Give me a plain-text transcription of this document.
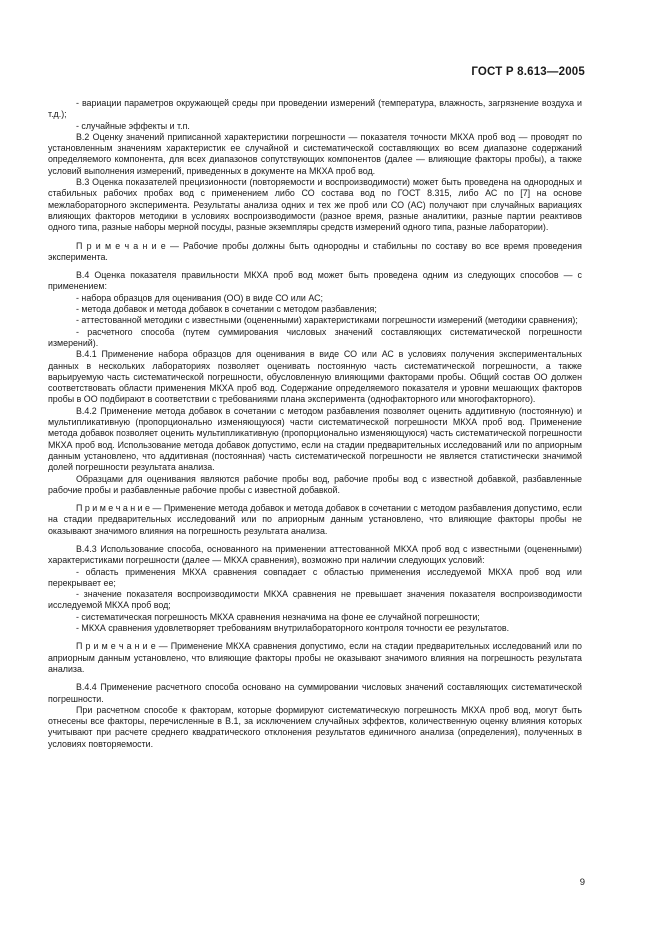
ГОСТ Р 8.613—2005

- вариации параметров окружающей среды при проведении измерений (температура, влажность, загрязнение воздуха и т.д.);

- случайные эффекты и т.п.

В.2 Оценку значений приписанной характеристики погрешности — показателя точности МКХА проб вод — проводят по установленным значениям характеристик ее случайной и систематической составляющих во всем диапазоне содержаний определяемого компонента, для всех диапазонов сопутствующих компонентов (далее — влияющие факторы пробы), а также условий выполнения измерений, приведенных в документе на МКХА проб вод.

В.3 Оценка показателей прецизионности (повторяемости и воспроизводимости) может быть проведена на однородных и стабильных рабочих пробах вод с применением либо СО состава вод по ГОСТ 8.315, либо АС по [7] на основе межлабораторного эксперимента. Результаты анализа одних и тех же проб или СО (АС) получают при случайных вариациях влияющих факторов методики в условиях воспроизводимости (разное время, разные аналитики, разные партии реактивов одного типа, разные наборы мерной посуды, разные экземпляры средств измерений одного типа, разные лаборатории).

П р и м е ч а н и е — Рабочие пробы должны быть однородны и стабильны по составу во все время проведения эксперимента.

В.4 Оценка показателя правильности МКХА проб вод может быть проведена одним из следующих способов — с применением:

- набора образцов для оценивания (ОО) в виде СО или АС;

- метода добавок и метода добавок в сочетании с методом разбавления;

- аттестованной методики с известными (оцененными) характеристиками погрешности измерений (методики сравнения);

- расчетного способа (путем суммирования числовых значений составляющих систематической погрешности измерений).

В.4.1 Применение набора образцов для оценивания в виде СО или АС в условиях получения экспериментальных данных в нескольких лабораториях позволяет оценивать постоянную часть систематической погрешности, а также варьируемую часть систематической погрешности, обусловленную влияющими факторами пробы. Общий состав ОО должен соответствовать области применения МКХА проб вод. Содержание определяемого показателя и уровни мешающих факторов пробы в ОО подбирают в соответствии с требованиями плана эксперимента (однофакторного или многофакторного).

В.4.2 Применение метода добавок в сочетании с методом разбавления позволяет оценить аддитивную (постоянную) и мультипликативную (пропорционально изменяющуюся) части систематической погрешности МКХА проб вод. Применение метода добавок позволяет оценить мультипликативную (пропорционально изменяющуюся) часть систематической погрешности МКХА проб вод. Использование метода добавок допустимо, если на стадии предварительных исследований или по априорным данным установлено, что аддитивная (постоянная) часть систематической погрешности не является статистически значимой долей погрешности результата анализа.

Образцами для оценивания являются рабочие пробы вод, рабочие пробы вод с известной добавкой, разбавленные рабочие пробы и разбавленные рабочие пробы с известной добавкой.

П р и м е ч а н и е — Применение метода добавок и метода добавок в сочетании с методом разбавления допустимо, если на стадии предварительных исследований или по априорным данным установлено, что влияющие факторы пробы не оказывают значимого влияния на погрешность результата анализа.

В.4.3 Использование способа, основанного на применении аттестованной МКХА проб вод с известными (оцененными) характеристиками погрешности (далее — МКХА сравнения), возможно при наличии следующих условий:

- область применения МКХА сравнения совпадает с областью применения исследуемой МКХА проб вод или перекрывает ее;

- значение показателя воспроизводимости МКХА сравнения не превышает значения показателя воспроизводимости исследуемой МКХА проб вод;

- систематическая погрешность МКХА сравнения незначима на фоне ее случайной погрешности;

- МКХА сравнения удовлетворяет требованиям внутрилабораторного контроля точности ее результатов.

П р и м е ч а н и е — Применение МКХА сравнения допустимо, если на стадии предварительных исследований или по априорным данным установлено, что влияющие факторы пробы не оказывают значимого влияния на погрешность результата анализа.

В.4.4 Применение расчетного способа основано на суммировании числовых значений составляющих систематической погрешности.

При расчетном способе к факторам, которые формируют систематическую погрешность МКХА проб вод, могут быть отнесены все факторы, перечисленные в В.1, за исключением случайных эффектов, количественную оценку влияния которых учитывают при расчете среднего квадратического отклонения результатов единичного анализа (определения), полученных в условиях повторяемости.

9
